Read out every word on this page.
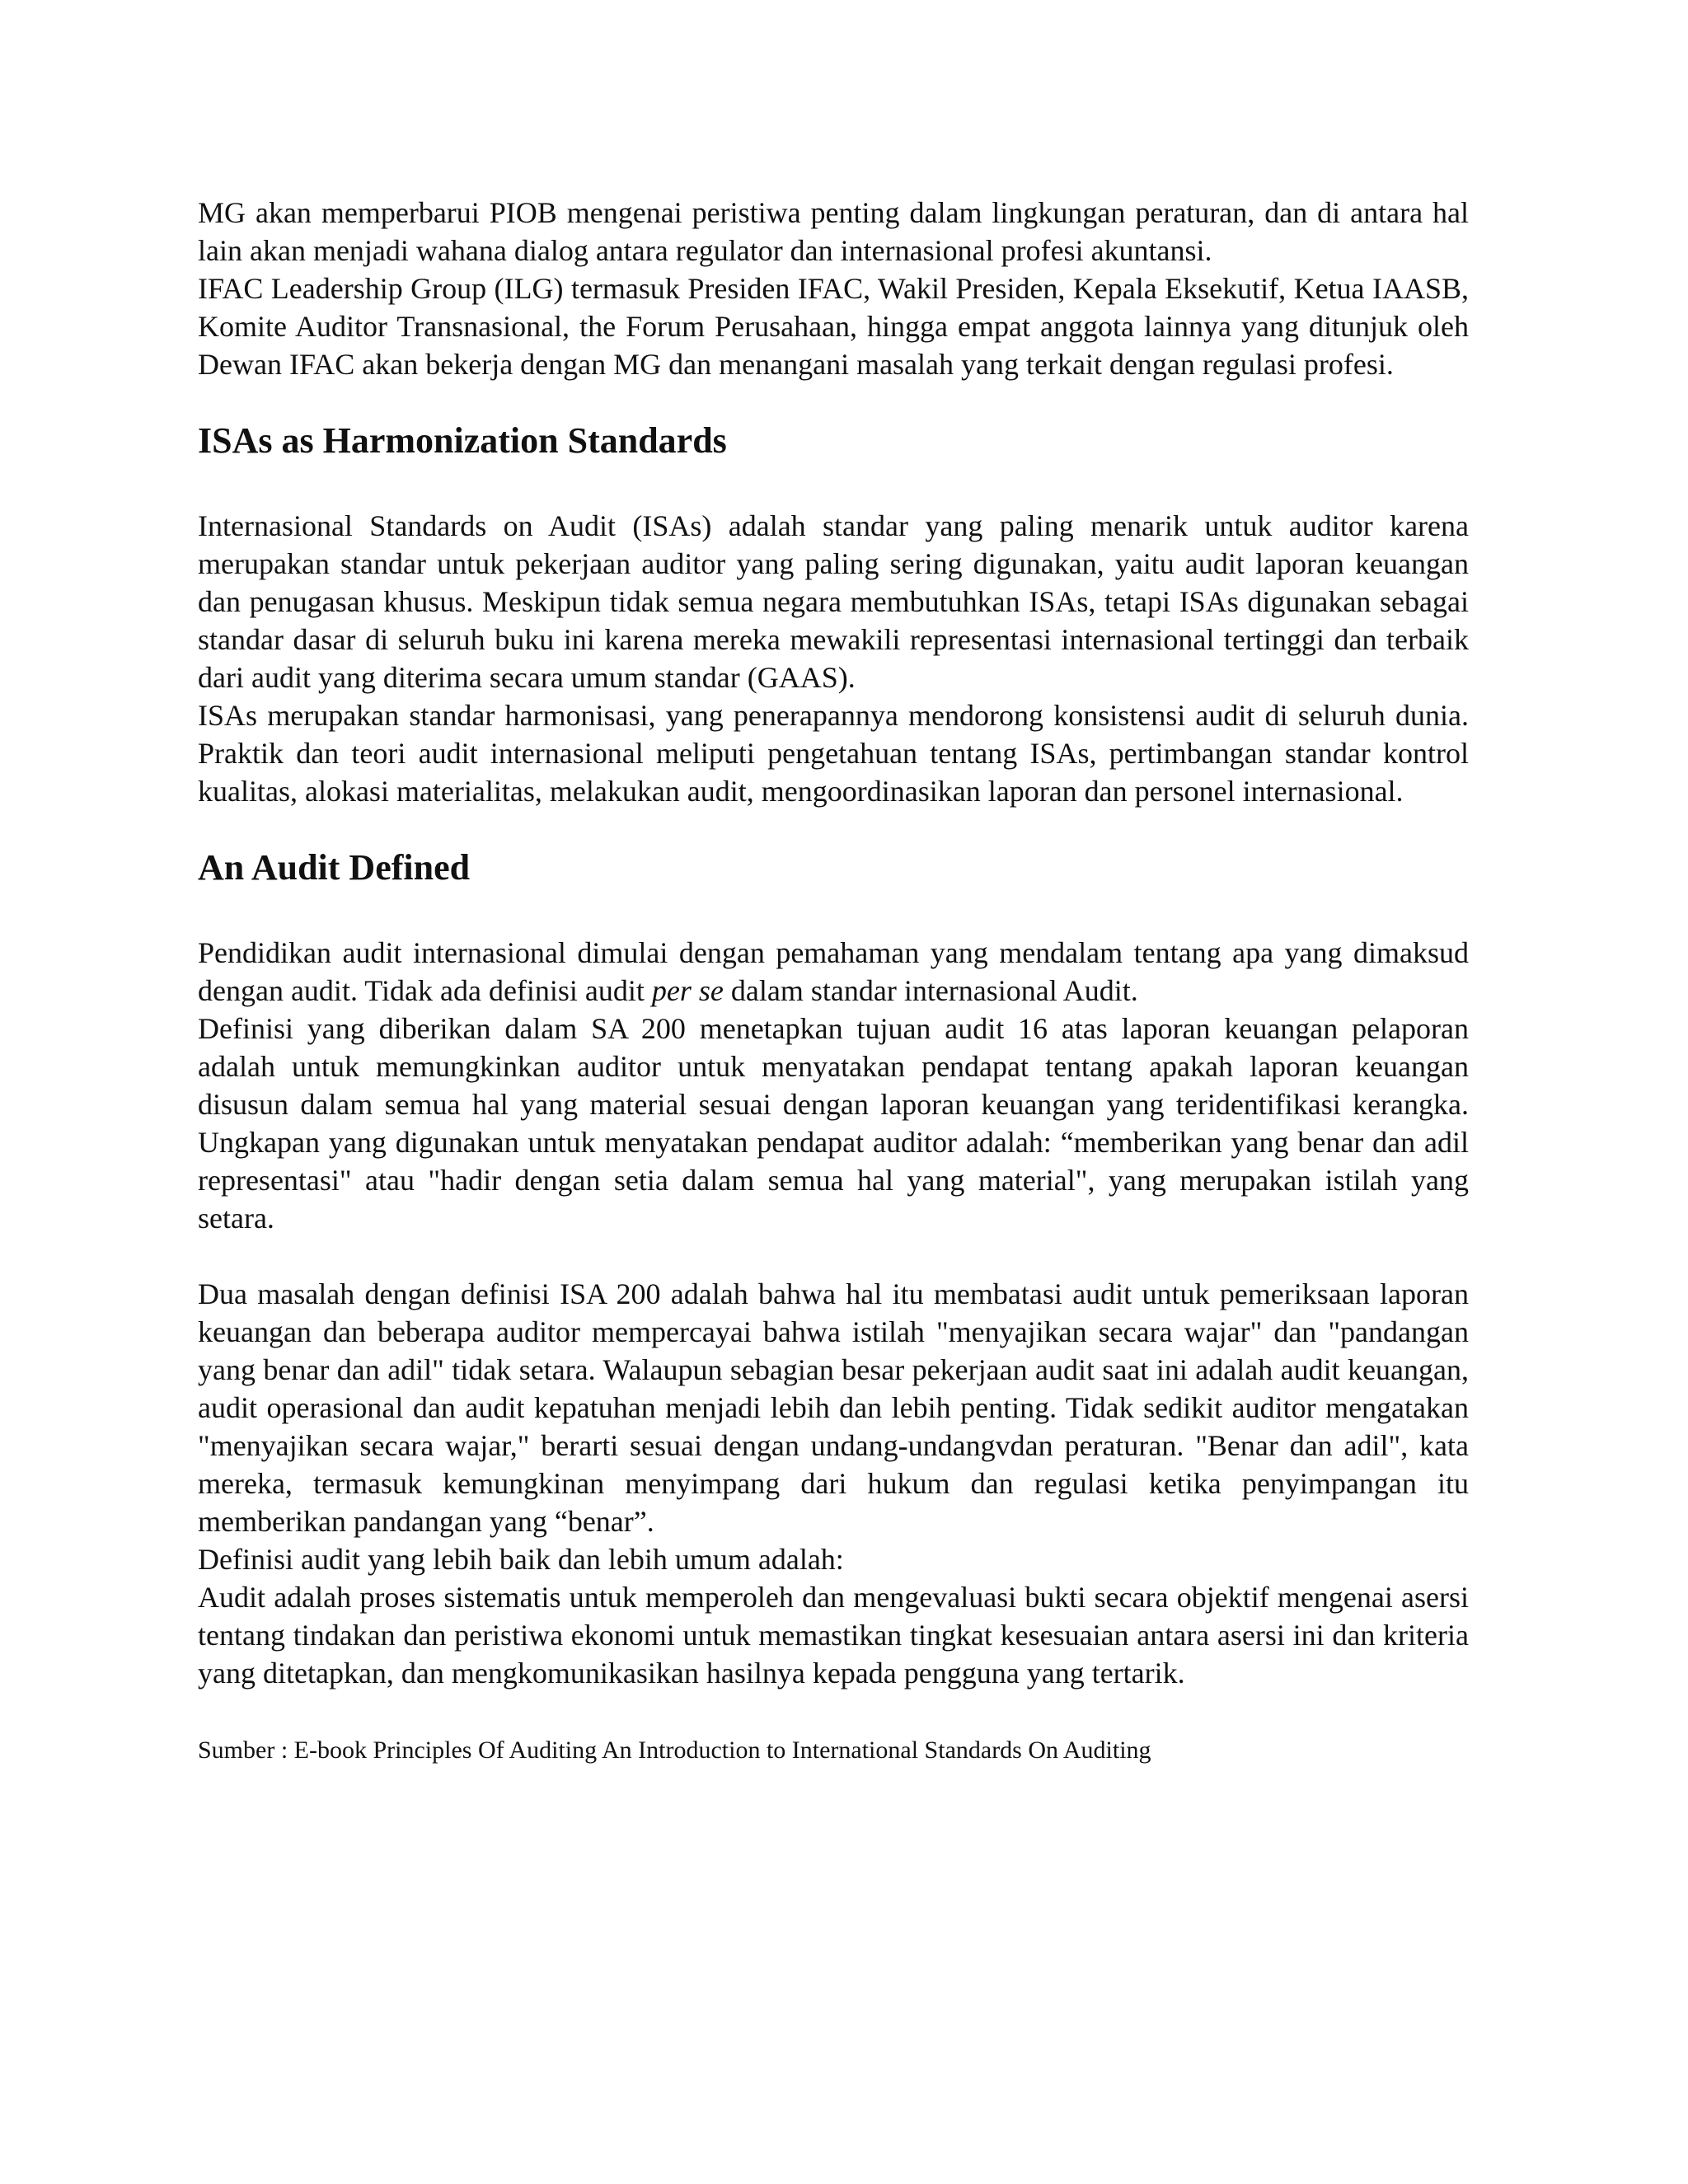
MG akan memperbarui PIOB mengenai peristiwa penting dalam lingkungan peraturan, dan di antara hal lain akan menjadi wahana dialog antara regulator dan internasional profesi akuntansi.

IFAC Leadership Group (ILG) termasuk Presiden IFAC, Wakil Presiden, Kepala Eksekutif, Ketua IAASB, Komite Auditor Transnasional, the Forum Perusahaan, hingga empat anggota lainnya yang ditunjuk oleh Dewan IFAC akan bekerja dengan MG dan menangani masalah yang terkait dengan regulasi profesi.

ISAs as Harmonization Standards

Internasional Standards on Audit (ISAs) adalah standar yang paling menarik untuk auditor karena merupakan standar untuk pekerjaan auditor yang paling sering digunakan, yaitu audit laporan keuangan dan penugasan khusus. Meskipun tidak semua negara membutuhkan ISAs, tetapi ISAs digunakan sebagai standar dasar di seluruh buku ini karena mereka mewakili representasi internasional tertinggi dan terbaik dari audit yang diterima secara umum standar (GAAS).

ISAs merupakan standar harmonisasi, yang penerapannya mendorong konsistensi audit di seluruh dunia. Praktik dan teori audit internasional meliputi pengetahuan tentang ISAs, pertimbangan standar kontrol kualitas, alokasi materialitas, melakukan audit, mengoordinasikan laporan dan personel internasional.

An Audit Defined

Pendidikan audit internasional dimulai dengan pemahaman yang mendalam tentang apa yang dimaksud dengan audit. Tidak ada definisi audit per se dalam standar internasional Audit.

Definisi yang diberikan dalam SA 200 menetapkan tujuan audit 16 atas laporan keuangan pelaporan adalah untuk memungkinkan auditor untuk menyatakan pendapat tentang apakah laporan keuangan disusun dalam semua hal yang material sesuai dengan laporan keuangan yang teridentifikasi kerangka. Ungkapan yang digunakan untuk menyatakan pendapat auditor adalah: “memberikan yang benar dan adil representasi" atau "hadir dengan setia dalam semua hal yang material", yang merupakan istilah yang setara.

Dua masalah dengan definisi ISA 200 adalah bahwa hal itu membatasi audit untuk pemeriksaan laporan keuangan dan beberapa auditor mempercayai bahwa istilah "menyajikan secara wajar" dan "pandangan yang benar dan adil" tidak setara. Walaupun sebagian besar pekerjaan audit saat ini adalah audit keuangan, audit operasional dan audit kepatuhan menjadi lebih dan lebih penting. Tidak sedikit auditor mengatakan "menyajikan secara wajar," berarti sesuai dengan undang-undangvdan peraturan. "Benar dan adil", kata mereka, termasuk kemungkinan menyimpang dari hukum dan regulasi ketika penyimpangan itu memberikan pandangan yang “benar”.

Definisi audit yang lebih baik dan lebih umum adalah:

Audit adalah proses sistematis untuk memperoleh dan mengevaluasi bukti secara objektif mengenai asersi tentang tindakan dan peristiwa ekonomi untuk memastikan tingkat kesesuaian antara asersi ini dan kriteria yang ditetapkan, dan mengkomunikasikan hasilnya kepada pengguna yang tertarik.

Sumber : E-book Principles Of Auditing An Introduction to International Standards On Auditing
